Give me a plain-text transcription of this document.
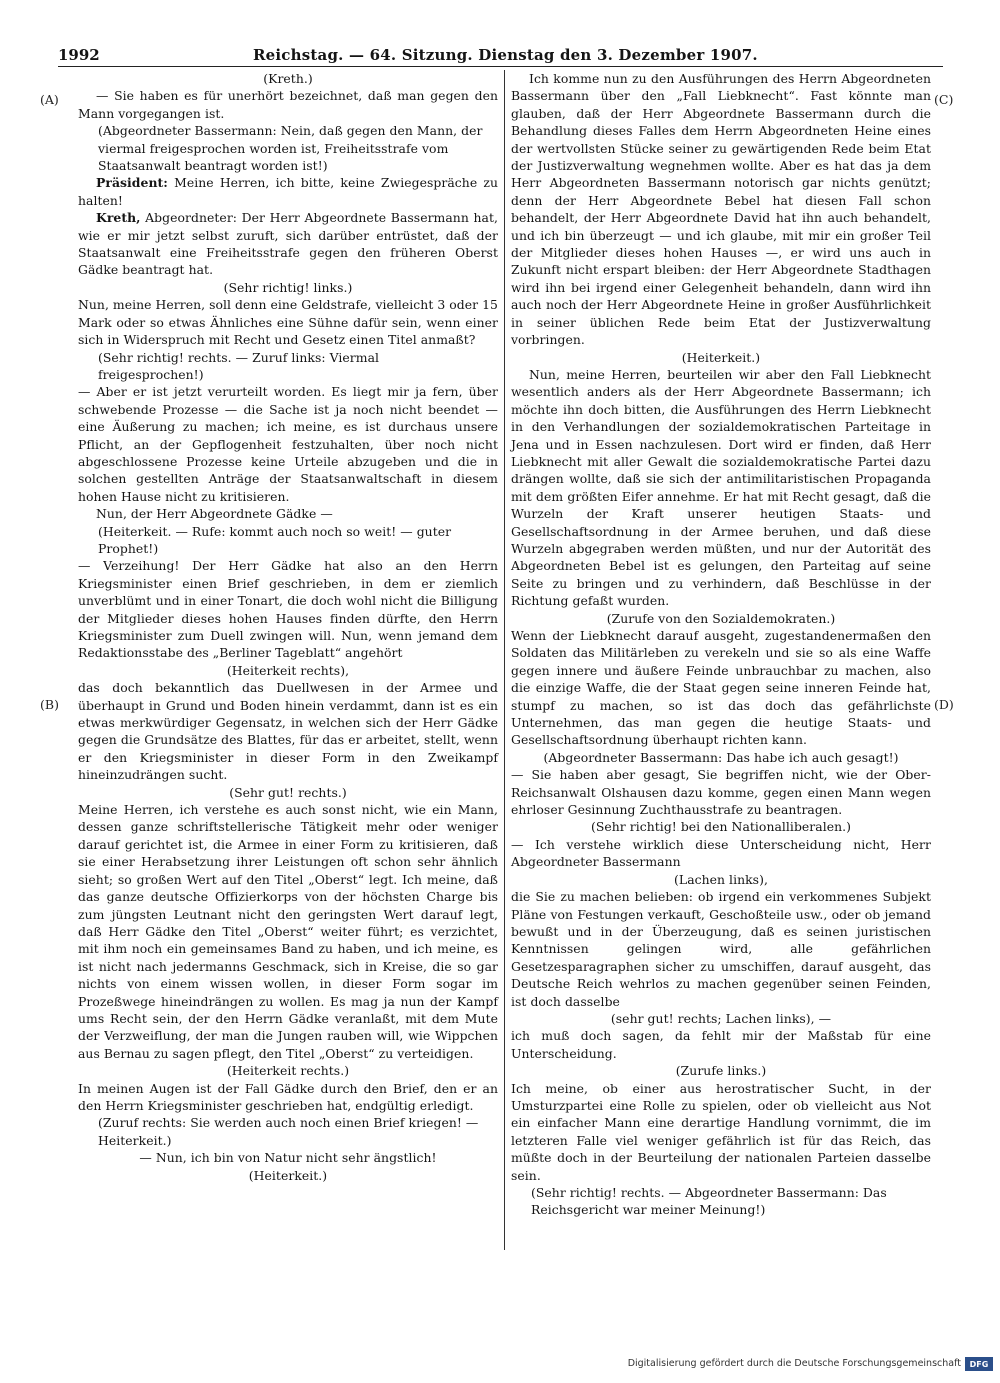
1992	Reichstag. — 64. Sitzung. Dienstag den 3. Dezember 1907.
(A)
(B)
(C)
(D)

(Kreth.)

— Sie haben es für unerhört bezeichnet, daß man gegen den Mann vorgegangen ist.

(Abgeordneter Bassermann: Nein, daß gegen den Mann, der viermal freigesprochen worden ist, Freiheitsstrafe vom Staatsanwalt beantragt worden ist!)

Präsident: Meine Herren, ich bitte, keine Zwiegespräche zu halten!

Kreth, Abgeordneter: Der Herr Abgeordnete Bassermann hat, wie er mir jetzt selbst zuruft, sich darüber entrüstet, daß der Staatsanwalt eine Freiheitsstrafe gegen den früheren Oberst Gädke beantragt hat.

(Sehr richtig! links.)

Nun, meine Herren, soll denn eine Geldstrafe, vielleicht 3 oder 15 Mark oder so etwas Ähnliches eine Sühne dafür sein, wenn einer sich in Widerspruch mit Recht und Gesetz einen Titel anmaßt?

(Sehr richtig! rechts. — Zuruf links: Viermal freigesprochen!)

— Aber er ist jetzt verurteilt worden. Es liegt mir ja fern, über schwebende Prozesse — die Sache ist ja noch nicht beendet — eine Äußerung zu machen; ich meine, es ist durchaus unsere Pflicht, an der Gepflogenheit festzuhalten, über noch nicht abgeschlossene Prozesse keine Urteile abzugeben und die in solchen gestellten Anträge der Staatsanwaltschaft in diesem hohen Hause nicht zu kritisieren.

Nun, der Herr Abgeordnete Gädke —

(Heiterkeit. — Rufe: kommt auch noch so weit! — guter Prophet!)

— Verzeihung! Der Herr Gädke hat also an den Herrn Kriegsminister einen Brief geschrieben, in dem er ziemlich unverblümt und in einer Tonart, die doch wohl nicht die Billigung der Mitglieder dieses hohen Hauses finden dürfte, den Herrn Kriegsminister zum Duell zwingen will. Nun, wenn jemand dem Redaktionsstabe des „Berliner Tageblatt“ angehört

(Heiterkeit rechts),

das doch bekanntlich das Duellwesen in der Armee und überhaupt in Grund und Boden hinein verdammt, dann ist es ein etwas merkwürdiger Gegensatz, in welchen sich der Herr Gädke gegen die Grundsätze des Blattes, für das er arbeitet, stellt, wenn er den Kriegsminister in dieser Form in den Zweikampf hineinzudrängen sucht.

(Sehr gut! rechts.)

Meine Herren, ich verstehe es auch sonst nicht, wie ein Mann, dessen ganze schriftstellerische Tätigkeit mehr oder weniger darauf gerichtet ist, die Armee in einer Form zu kritisieren, daß sie einer Herabsetzung ihrer Leistungen oft schon sehr ähnlich sieht; so großen Wert auf den Titel „Oberst“ legt. Ich meine, daß das ganze deutsche Offizierkorps von der höchsten Charge bis zum jüngsten Leutnant nicht den geringsten Wert darauf legt, daß Herr Gädke den Titel „Oberst“ weiter führt; es verzichtet, mit ihm noch ein gemeinsames Band zu haben, und ich meine, es ist nicht nach jedermanns Geschmack, sich in Kreise, die so gar nichts von einem wissen wollen, in dieser Form sogar im Prozeßwege hineindrängen zu wollen. Es mag ja nun der Kampf ums Recht sein, der den Herrn Gädke veranlaßt, mit dem Mute der Verzweiflung, der man die Jungen rauben will, wie Wippchen aus Bernau zu sagen pflegt, den Titel „Oberst“ zu verteidigen.

(Heiterkeit rechts.)

In meinen Augen ist der Fall Gädke durch den Brief, den er an den Herrn Kriegsminister geschrieben hat, endgültig erledigt.

(Zuruf rechts: Sie werden auch noch einen Brief kriegen! — Heiterkeit.)

— Nun, ich bin von Natur nicht sehr ängstlich!

(Heiterkeit.)

Ich komme nun zu den Ausführungen des Herrn Abgeordneten Bassermann über den „Fall Liebknecht“. Fast könnte man glauben, daß der Herr Abgeordnete Bassermann durch die Behandlung dieses Falles dem Herrn Abgeordneten Heine eines der wertvollsten Stücke seiner zu gewärtigenden Rede beim Etat der Justizverwaltung wegnehmen wollte. Aber es hat das ja dem Herr Abgeordneten Bassermann notorisch gar nichts genützt; denn der Herr Abgeordnete Bebel hat diesen Fall schon behandelt, der Herr Abgeordnete David hat ihn auch behandelt, und ich bin überzeugt — und ich glaube, mit mir ein großer Teil der Mitglieder dieses hohen Hauses —, er wird uns auch in Zukunft nicht erspart bleiben: der Herr Abgeordnete Stadthagen wird ihn bei irgend einer Gelegenheit behandeln, dann wird ihn auch noch der Herr Abgeordnete Heine in großer Ausführlichkeit in seiner üblichen Rede beim Etat der Justizverwaltung vorbringen.

(Heiterkeit.)

Nun, meine Herren, beurteilen wir aber den Fall Liebknecht wesentlich anders als der Herr Abgeordnete Bassermann; ich möchte ihn doch bitten, die Ausführungen des Herrn Liebknecht in den Verhandlungen der sozialdemokratischen Parteitage in Jena und in Essen nachzulesen. Dort wird er finden, daß Herr Liebknecht mit aller Gewalt die sozialdemokratische Partei dazu drängen wollte, daß sie sich der antimilitaristischen Propaganda mit dem größten Eifer annehme. Er hat mit Recht gesagt, daß die Wurzeln der Kraft unserer heutigen Staats- und Gesellschaftsordnung in der Armee beruhen, und daß diese Wurzeln abgegraben werden müßten, und nur der Autorität des Abgeordneten Bebel ist es gelungen, den Parteitag auf seine Seite zu bringen und zu verhindern, daß Beschlüsse in der Richtung gefaßt wurden.

(Zurufe von den Sozialdemokraten.)

Wenn der Liebknecht darauf ausgeht, zugestandenermaßen den Soldaten das Militärleben zu verekeln und sie so als eine Waffe gegen innere und äußere Feinde unbrauchbar zu machen, also die einzige Waffe, die der Staat gegen seine inneren Feinde hat, stumpf zu machen, so ist das doch das gefährlichste Unternehmen, das man gegen die heutige Staats- und Gesellschaftsordnung überhaupt richten kann.

(Abgeordneter Bassermann: Das habe ich auch gesagt!)

— Sie haben aber gesagt, Sie begriffen nicht, wie der Ober-Reichsanwalt Olshausen dazu komme, gegen einen Mann wegen ehrloser Gesinnung Zuchthausstrafe zu beantragen.

(Sehr richtig! bei den Nationalliberalen.)

— Ich verstehe wirklich diese Unterscheidung nicht, Herr Abgeordneter Bassermann

(Lachen links),

die Sie zu machen belieben: ob irgend ein verkommenes Subjekt Pläne von Festungen verkauft, Geschoßteile usw., oder ob jemand bewußt und in der Überzeugung, daß es seinen juristischen Kenntnissen gelingen wird, alle gefährlichen Gesetzesparagraphen sicher zu umschiffen, darauf ausgeht, das Deutsche Reich wehrlos zu machen gegenüber seinen Feinden, ist doch dasselbe

(sehr gut! rechts; Lachen links), —

ich muß doch sagen, da fehlt mir der Maßstab für eine Unterscheidung.

(Zurufe links.)

Ich meine, ob einer aus herostratischer Sucht, in der Umsturzpartei eine Rolle zu spielen, oder ob vielleicht aus Not ein einfacher Mann eine derartige Handlung vornimmt, die im letzteren Falle viel weniger gefährlich ist für das Reich, das müßte doch in der Beurteilung der nationalen Parteien dasselbe sein.

(Sehr richtig! rechts. — Abgeordneter Bassermann: Das Reichsgericht war meiner Meinung!)

Digitalisierung gefördert durch die Deutsche Forschungsgemeinschaft	DFG
